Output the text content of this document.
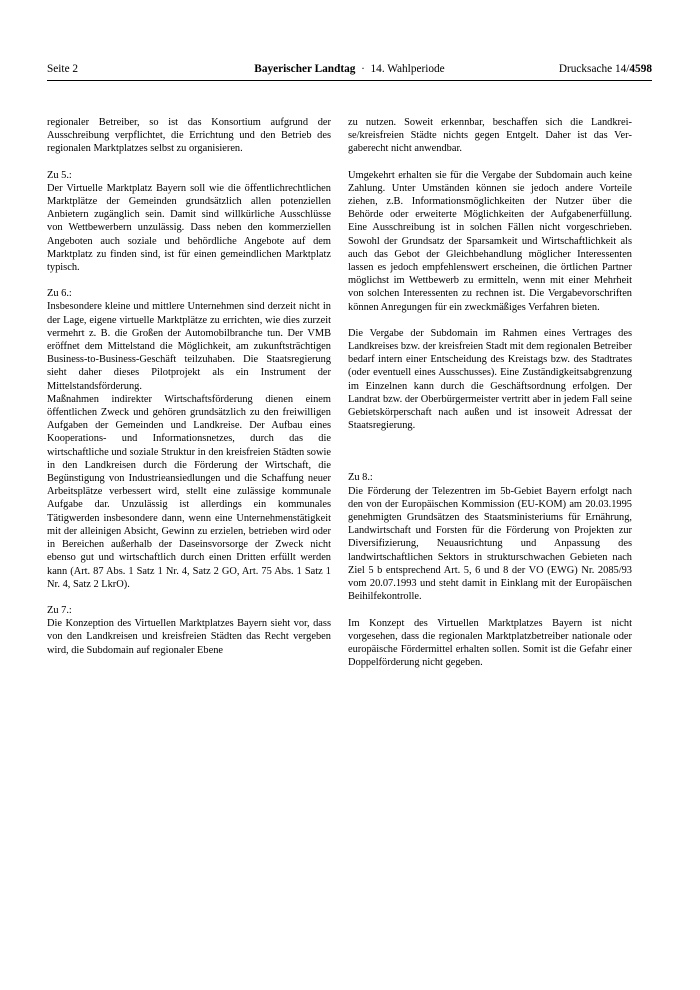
Seite 2	Bayerischer Landtag · 14. Wahlperiode	Drucksache 14/4598

regionaler Betreiber, so ist das Konsortium aufgrund der Ausschreibung verpflichtet, die Errichtung und den Betrieb des regionalen Marktplatzes selbst zu organisieren.

Zu 5.:

Der Virtuelle Marktplatz Bayern soll wie die öffentlichrechtlichen Marktplätze der Gemeinden grundsätzlich allen potenziellen Anbietern zugänglich sein. Damit sind willkürliche Ausschlüsse von Wettbewerbern unzulässig. Dass neben den kommerziellen Angeboten auch soziale und behördliche Angebote auf dem Marktplatz zu finden sind, ist für einen gemeindlichen Marktplatz typisch.

Zu 6.:

Insbesondere kleine und mittlere Unternehmen sind derzeit nicht in der Lage, eigene virtuelle Marktplätze zu errichten, wie dies zurzeit vermehrt z. B. die Großen der Automobilbranche tun. Der VMB eröffnet dem Mittelstand die Möglichkeit, am zukunftsträchtigen Business-to-Business-Geschäft teilzuhaben. Die Staatsregierung sieht daher dieses Pilotprojekt als ein Instrument der Mittelstandsförderung.

Maßnahmen indirekter Wirtschaftsförderung dienen einem öffentlichen Zweck und gehören grundsätzlich zu den freiwilligen Aufgaben der Gemeinden und Landkreise. Der Aufbau eines Kooperations- und Informationsnetzes, durch das die wirtschaftliche und soziale Struktur in den kreisfreien Städten sowie in den Landkreisen durch die Förderung der Wirtschaft, die Begünstigung von Industrieansiedlungen und die Schaffung neuer Arbeitsplätze verbessert wird, stellt eine zulässige kommunale Aufgabe dar. Unzulässig ist allerdings ein kommunales Tätigwerden insbesondere dann, wenn eine Unternehmenstätigkeit mit der alleinigen Absicht, Gewinn zu erzielen, betrieben wird oder in Bereichen außerhalb der Daseinsvorsorge der Zweck nicht ebenso gut und wirtschaftlich durch einen Dritten erfüllt werden kann (Art. 87 Abs. 1 Satz 1 Nr. 4, Satz 2 GO, Art. 75 Abs. 1 Satz 1 Nr. 4, Satz 2 LkrO).

Zu 7.:

Die Konzeption des Virtuellen Marktplatzes Bayern sieht vor, dass von den Landkreisen und kreisfreien Städten das Recht vergeben wird, die Subdomain auf regionaler Ebene

zu nutzen. Soweit erkennbar, beschaffen sich die Landkreise/kreisfreien Städte nichts gegen Entgelt. Daher ist das Vergaberecht nicht anwendbar.

Umgekehrt erhalten sie für die Vergabe der Subdomain auch keine Zahlung. Unter Umständen können sie jedoch andere Vorteile ziehen, z.B. Informationsmöglichkeiten der Nutzer über die Behörde oder erweiterte Möglichkeiten der Aufgabenerfüllung. Eine Ausschreibung ist in solchen Fällen nicht vorgeschrieben. Sowohl der Grundsatz der Sparsamkeit und Wirtschaftlichkeit als auch das Gebot der Gleichbehandlung möglicher Interessenten lassen es jedoch empfehlenswert erscheinen, die örtlichen Partner möglichst im Wettbewerb zu ermitteln, wenn mit einer Mehrheit von solchen Interessenten zu rechnen ist. Die Vergabevorschriften können Anregungen für ein zweckmäßiges Verfahren bieten.

Die Vergabe der Subdomain im Rahmen eines Vertrages des Landkreises bzw. der kreisfreien Stadt mit dem regionalen Betreiber bedarf intern einer Entscheidung des Kreistags bzw. des Stadtrates (oder eventuell eines Ausschusses). Eine Zuständigkeitsabgrenzung im Einzelnen kann durch die Geschäftsordnung erfolgen. Der Landrat bzw. der Oberbürgermeister vertritt aber in jedem Fall seine Gebietskörperschaft nach außen und ist insoweit Adressat der Staatsregierung.

Zu 8.:

Die Förderung der Telezentren im 5b-Gebiet Bayern erfolgt nach den von der Europäischen Kommission (EU-KOM) am 20.03.1995 genehmigten Grundsätzen des Staatsministeriums für Ernährung, Landwirtschaft und Forsten für die Förderung von Projekten zur Diversifizierung, Neuausrichtung und Anpassung des landwirtschaftlichen Sektors in strukturschwachen Gebieten nach Ziel 5 b entsprechend Art. 5, 6 und 8 der VO (EWG) Nr. 2085/93 vom 20.07.1993 und steht damit in Einklang mit der Europäischen Beihilfekontrolle.

Im Konzept des Virtuellen Marktplatzes Bayern ist nicht vorgesehen, dass die regionalen Marktplatzbetreiber nationale oder europäische Fördermittel erhalten sollen. Somit ist die Gefahr einer Doppelförderung nicht gegeben.
